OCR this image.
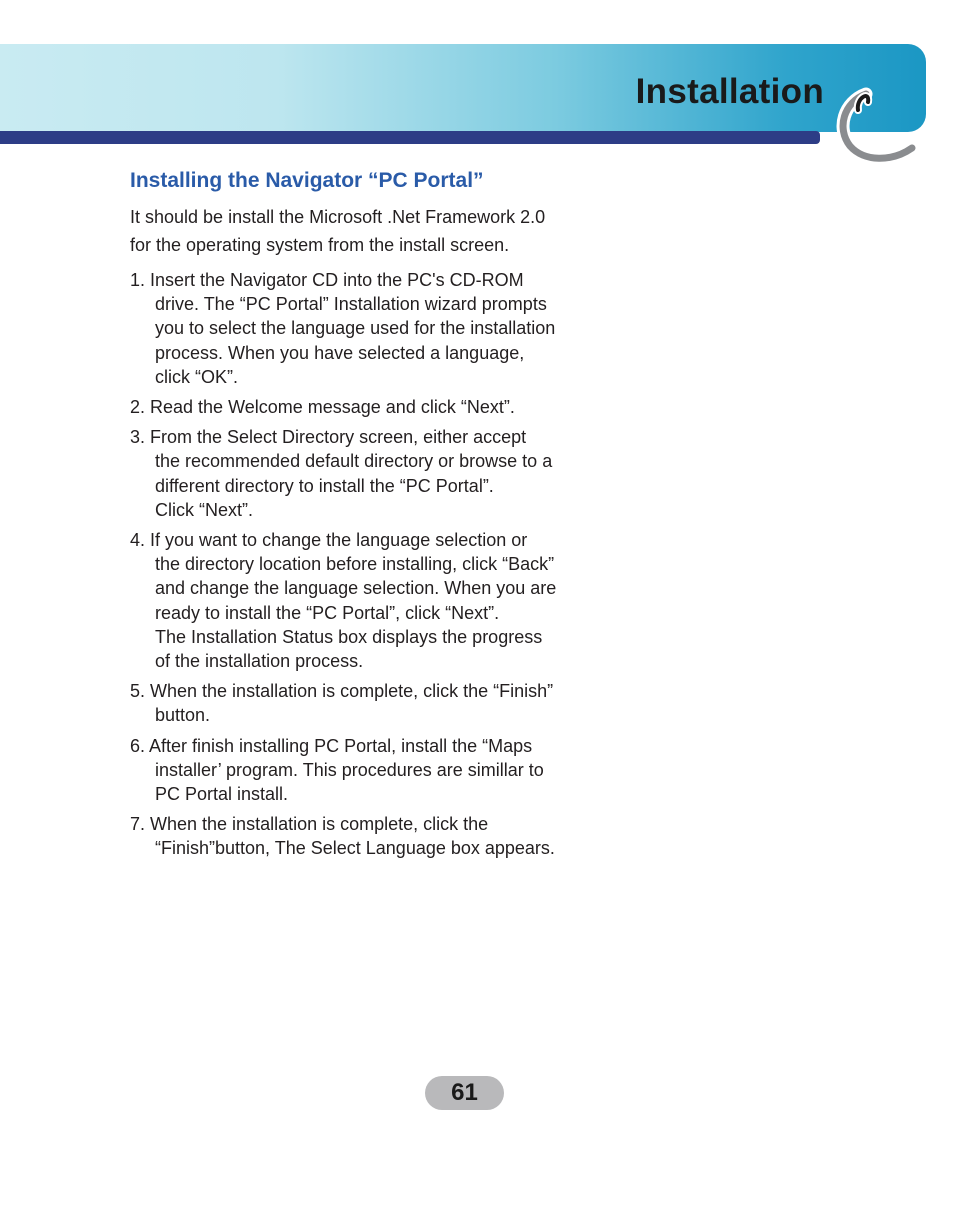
Installation
Installing the Navigator “PC Portal”

It should be install the Microsoft .Net Framework 2.0
for the operating system from the install screen.

1. Insert the Navigator CD into the PC's CD-ROM
drive. The “PC Portal” Installation wizard prompts
you to select the language used for the installation
process. When you have selected a language,
click “OK”.
2. Read the Welcome message and click “Next”.
3. From the Select Directory screen, either accept
the recommended default directory or browse to a
different directory to install the “PC Portal”.
Click “Next”.
4. If you want to change the language selection or
the directory location before installing, click “Back”
and change the language selection. When you are
ready to install the “PC Portal”, click “Next”.
The Installation Status box displays the progress
of the installation process.
5. When the installation is complete, click the “Finish”
button.
6. After finish installing PC Portal, install the “Maps
installer’ program. This procedures are simillar to
PC Portal install.
7. When the installation is complete, click the
“Finish”button, The Select Language box appears.
61
